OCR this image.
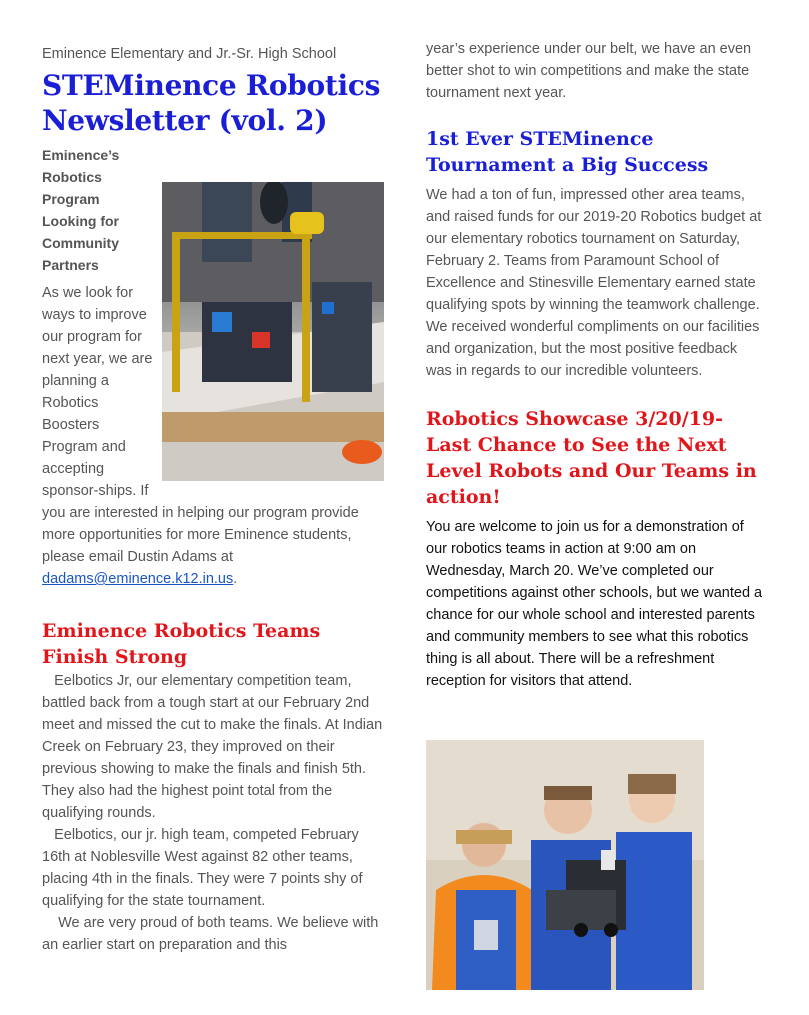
Eminence Elementary and Jr.-Sr. High School

STEMinence Robotics Newsletter (vol. 2)

Eminence’s Robotics Program Looking for Community Partners

As we look for ways to improve our program for next year, we are planning a Robotics Boosters Program and accepting sponsor-ships. If you are interested in helping our program provide more opportunities for more Eminence students, please email Dustin Adams at dadams@eminence.k12.in.us.

Eminence Robotics Teams Finish Strong

Eelbotics Jr, our elementary competition team, battled back from a tough start at our February 2nd meet and missed the cut to make the finals. At Indian Creek on February 23, they improved on their previous showing to make the finals and finish 5th.  They also had the highest point total from the qualifying rounds.

Eelbotics, our jr. high team, competed February 16th at Noblesville West against 82 other teams, placing 4th in the finals. They were 7 points shy of qualifying for the state tournament.

We are very proud of both teams. We believe with an earlier start on preparation and this

year’s experience under our belt, we have an even better shot to win competitions and make the state tournament next year.

1st Ever STEMinence Tournament a Big Success

We had a ton of fun, impressed other area teams, and raised funds for our 2019-20 Robotics budget at our elementary robotics tournament on Saturday, February 2. Teams from Paramount School of Excellence and Stinesville Elementary earned state qualifying spots by winning the teamwork challenge. We received wonderful compliments on our facilities and organization, but the most positive feedback was in regards to our incredible volunteers.

Robotics Showcase 3/20/19-Last Chance to See the Next Level Robots and Our Teams in action!

You are welcome to join us for a demonstration of our robotics teams in action at 9:00 am on Wednesday, March 20. We’ve completed our competitions against other schools, but we wanted a chance for our whole school and interested parents and community members to see what this robotics thing is all about. There will be a refreshment reception for visitors that attend.
